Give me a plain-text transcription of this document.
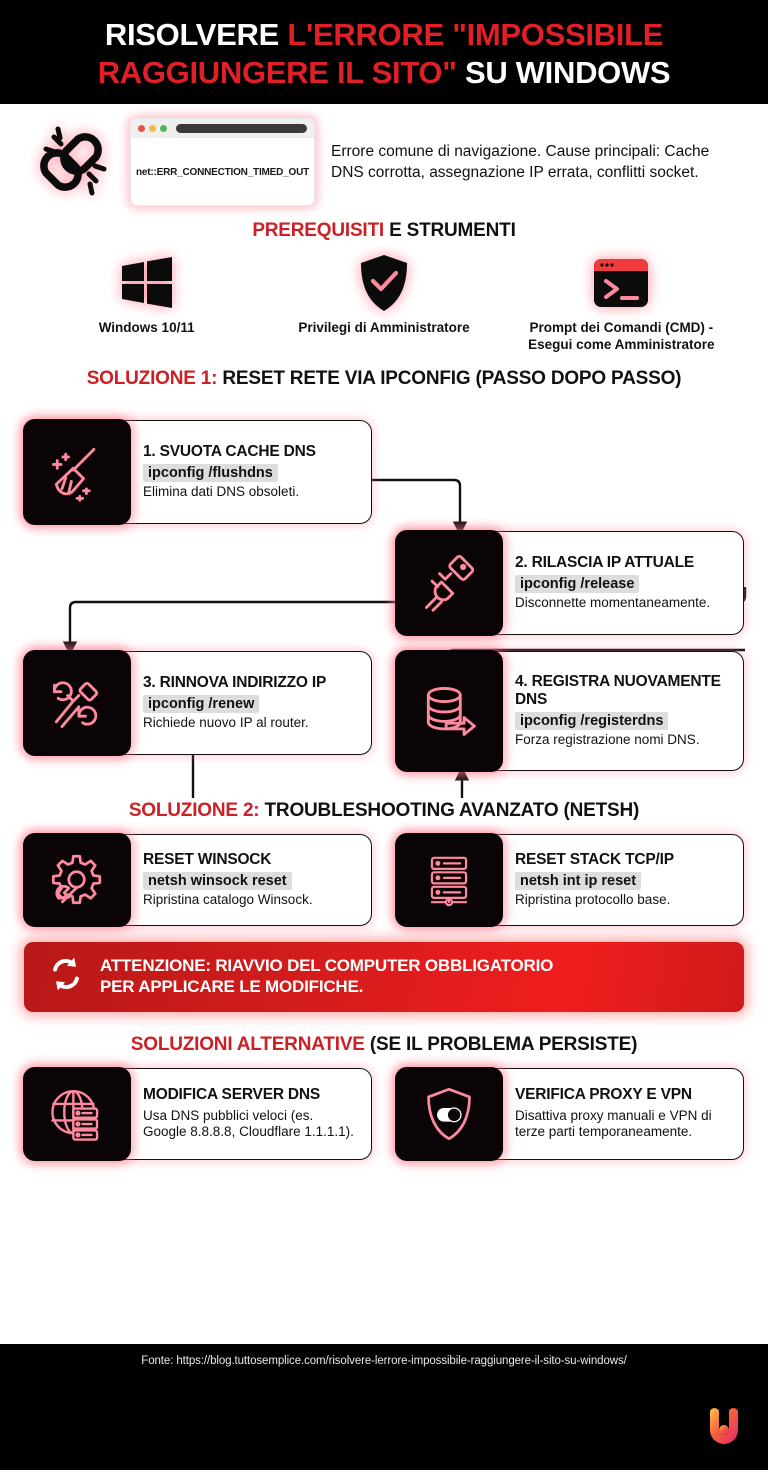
RISOLVERE L'ERRORE "IMPOSSIBILE
RAGGIUNGERE IL SITO" SU WINDOWS
net::ERR_CONNECTION_TIMED_OUT
Errore comune di navigazione. Cause principali: Cache DNS corrotta, assegnazione IP errata, conflitti socket.
PREREQUISITI E STRUMENTI
Windows 10/11	Privilegi di Amministratore	Prompt dei Comandi (CMD) - Esegui come Amministratore
SOLUZIONE 1: RESET RETE VIA IPCONFIG (PASSO DOPO PASSO)
1. SVUOTA CACHE DNS
ipconfig /flushdns
Elimina dati DNS obsoleti.
2. RILASCIA IP ATTUALE
ipconfig /release
Disconnette momentaneamente.
3. RINNOVA INDIRIZZO IP
ipconfig /renew
Richiede nuovo IP al router.
4. REGISTRA NUOVAMENTE DNS
ipconfig /registerdns
Forza registrazione nomi DNS.
SOLUZIONE 2: TROUBLESHOOTING AVANZATO (NETSH)
RESET WINSOCK
netsh winsock reset
Ripristina catalogo Winsock.
RESET STACK TCP/IP
netsh int ip reset
Ripristina protocollo base.
ATTENZIONE: RIAVVIO DEL COMPUTER OBBLIGATORIO
PER APPLICARE LE MODIFICHE.
SOLUZIONI ALTERNATIVE (SE IL PROBLEMA PERSISTE)
MODIFICA SERVER DNS
Usa DNS pubblici veloci (es. Google 8.8.8.8, Cloudflare 1.1.1.1).
VERIFICA PROXY E VPN
Disattiva proxy manuali e VPN di terze parti temporaneamente.
Fonte: https://blog.tuttosemplice.com/risolvere-lerrore-impossibile-raggiungere-il-sito-su-windows/
